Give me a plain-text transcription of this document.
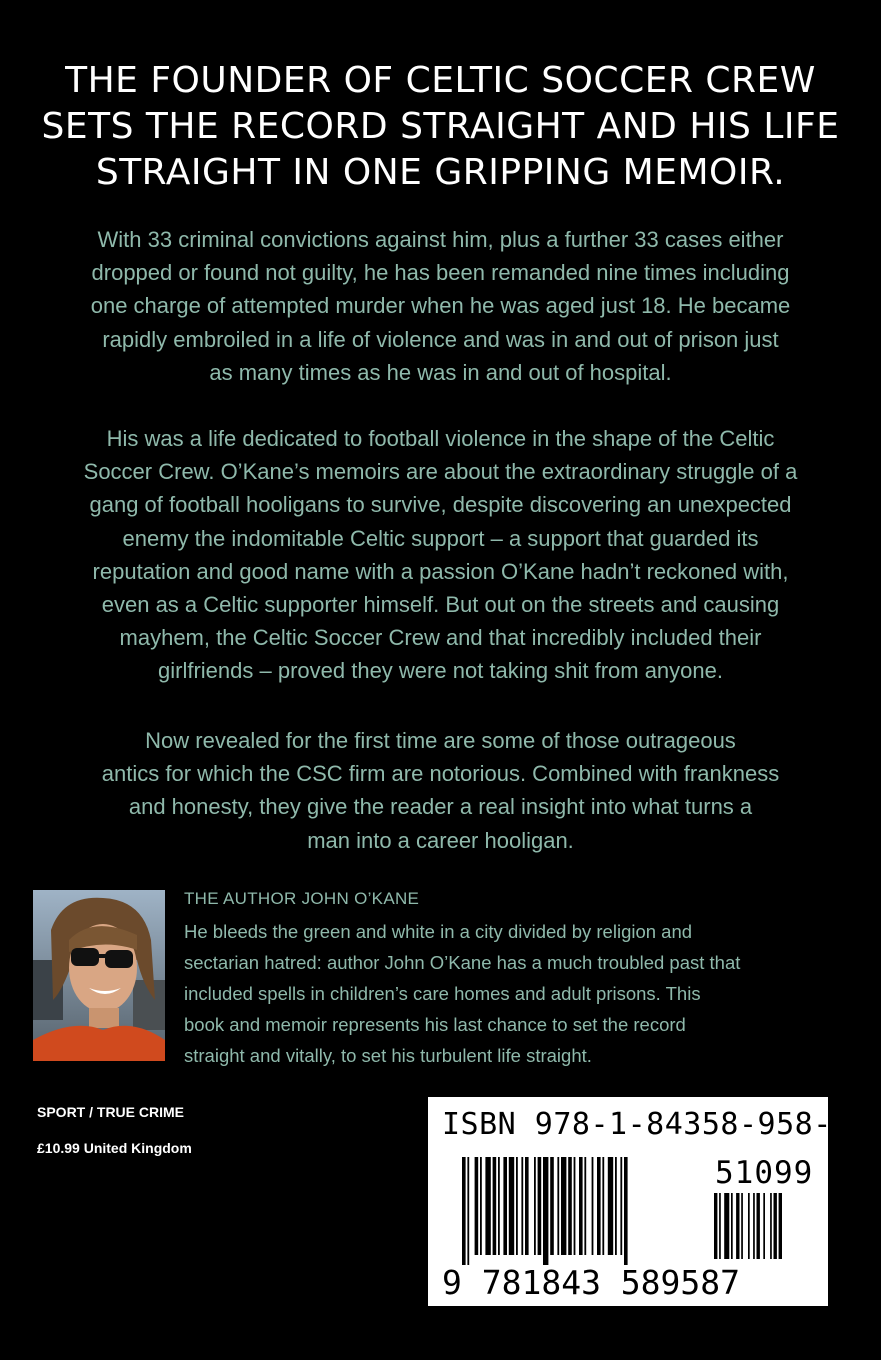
THE FOUNDER OF CELTIC SOCCER CREW
SETS THE RECORD STRAIGHT AND HIS LIFE
STRAIGHT IN ONE GRIPPING MEMOIR.

With 33 criminal convictions against him, plus a further 33 cases either
dropped or found not guilty, he has been remanded nine times including
one charge of attempted murder when he was aged just 18. He became
rapidly embroiled in a life of violence and was in and out of prison just
as many times as he was in and out of hospital.

His was a life dedicated to football violence in the shape of the Celtic
Soccer Crew. O’Kane’s memoirs are about the extraordinary struggle of a
gang of football hooligans to survive, despite discovering an unexpected
enemy the indomitable Celtic support – a support that guarded its
reputation and good name with a passion O’Kane hadn’t reckoned with,
even as a Celtic supporter himself. But out on the streets and causing
mayhem, the Celtic Soccer Crew and that incredibly included their
girlfriends – proved they were not taking shit from anyone.

Now revealed for the first time are some of those outrageous
antics for which the CSC firm are notorious. Combined with frankness
and honesty, they give the reader a real insight into what turns a
man into a career hooligan.

THE AUTHOR JOHN O’KANE

He bleeds the green and white in a city divided by religion and
sectarian hatred: author John O’Kane has a much troubled past that
included spells in children’s care homes and adult prisons. This
book and memoir represents his last chance to set the record
straight and vitally, to set his turbulent life straight.

SPORT / TRUE CRIME

£10.99 United Kingdom

ISBN 978-1-84358-958-7

9 781843 589587

51099
